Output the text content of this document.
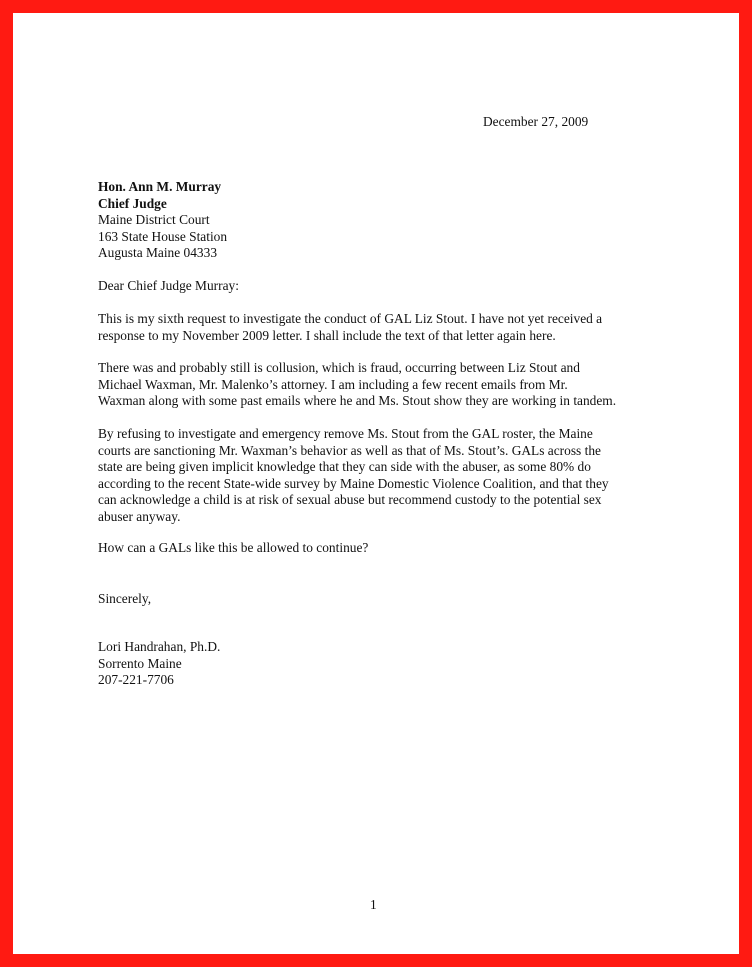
December 27, 2009
Hon. Ann M. Murray
Chief Judge
Maine District Court
163 State House Station
Augusta Maine 04333
Dear Chief Judge Murray:
This is my sixth request to investigate the conduct of GAL Liz Stout. I have not yet received a
response to my November 2009 letter. I shall include the text of that letter again here.
There was and probably still is collusion, which is fraud, occurring between Liz Stout and
Michael Waxman, Mr. Malenko’s attorney. I am including a few recent emails from Mr.
Waxman along with some past emails where he and Ms. Stout show they are working in tandem.
By refusing to investigate and emergency remove Ms. Stout from the GAL roster, the Maine
courts are sanctioning Mr. Waxman’s behavior as well as that of Ms. Stout’s. GALs across the
state are being given implicit knowledge that they can side with the abuser, as some 80% do
according to the recent State-wide survey by Maine Domestic Violence Coalition, and that they
can acknowledge a child is at risk of sexual abuse but recommend custody to the potential sex
abuser anyway.
How can a GALs like this be allowed to continue?
Sincerely,
Lori Handrahan, Ph.D.
Sorrento Maine
207-221-7706
1
